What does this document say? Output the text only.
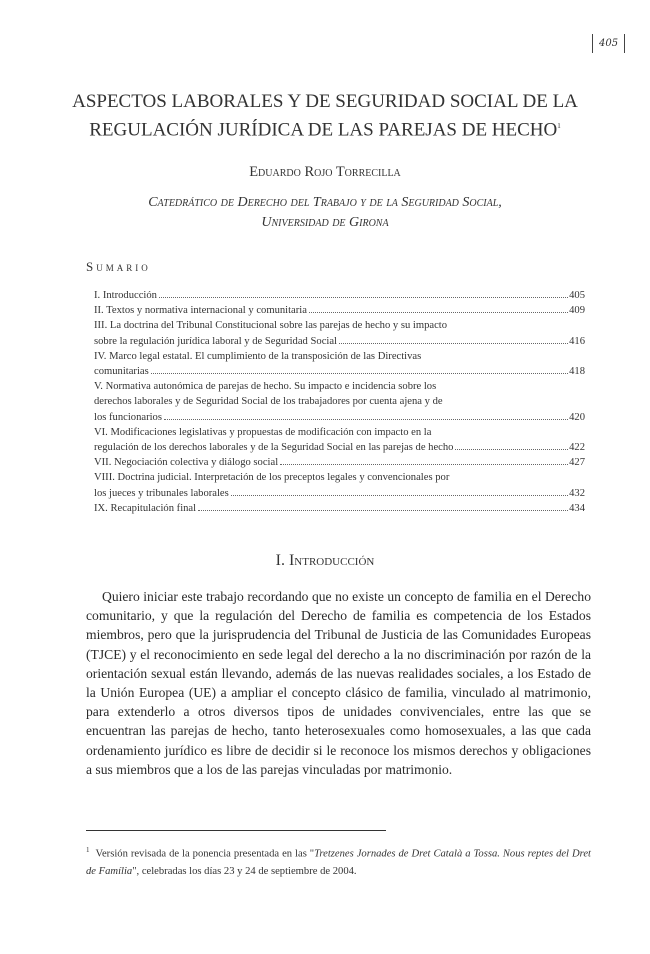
405
ASPECTOS LABORALES Y DE SEGURIDAD SOCIAL DE LA
REGULACIÓN JURÍDICA DE LAS PAREJAS DE HECHO$^1$
Eduardo Rojo Torrecilla
Catedrático de Derecho del Trabajo y de la Seguridad Social,
Universidad de Girona
Sumario
I. Introducción	405
II. Textos y normativa internacional y comunitaria	409
III. La doctrina del Tribunal Constitucional sobre las parejas de hecho y su impacto
sobre la regulación jurídica laboral y de Seguridad Social	416
IV. Marco legal estatal. El cumplimiento de la transposición de las Directivas
comunitarias	418
V. Normativa autonómica de parejas de hecho. Su impacto e incidencia sobre los
derechos laborales y de Seguridad Social de los trabajadores por cuenta ajena y de
los funcionarios	420
VI. Modificaciones legislativas y propuestas de modificación con impacto en la
regulación de los derechos laborales y de la Seguridad Social en las parejas de hecho	422
VII. Negociación colectiva y diálogo social	427
VIII. Doctrina judicial. Interpretación de los preceptos legales y convencionales por
los jueces y tribunales laborales	432
IX. Recapitulación final	434
I. Introducción

Quiero iniciar este trabajo recordando que no existe un concepto de familia en el Derecho comunitario, y que la regulación del Derecho de familia es competencia de los Estados miembros, pero que la jurisprudencia del Tribunal de Justicia de las Comunidades Europeas (TJCE) y el reconocimiento en sede legal del derecho a la no discriminación por razón de la orientación sexual están llevando, además de las nuevas realidades sociales, a los Estado de la Unión Europea (UE) a ampliar el concepto clásico de familia, vinculado al matrimonio, para extenderlo a otros diversos tipos de unidades convivenciales, entre las que se encuentran las parejas de hecho, tanto heterosexuales como homosexuales, a las que cada ordenamiento jurídico es libre de decidir si le reconoce los mismos derechos y obligaciones a sus miembros que a los de las parejas vinculadas por matrimonio.

$^1$ Versión revisada de la ponencia presentada en las "Tretzenes Jornades de Dret Català a Tossa. Nous reptes del Dret de Família", celebradas los días 23 y 24 de septiembre de 2004.
